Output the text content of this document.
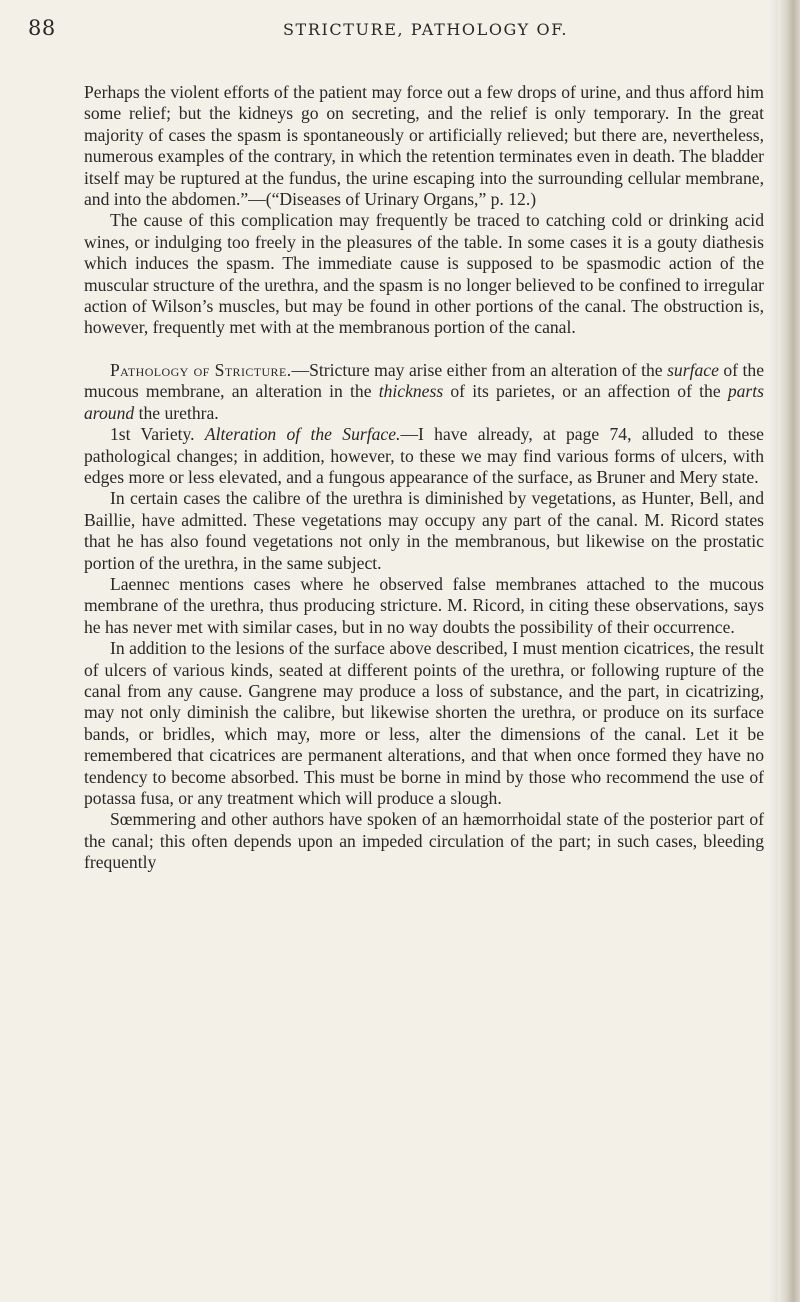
88	STRICTURE, PATHOLOGY OF.

Perhaps the violent efforts of the patient may force out a few drops of urine, and thus afford him some relief; but the kidneys go on secreting, and the relief is only temporary. In the great majority of cases the spasm is spontaneously or artificially relieved; but there are, nevertheless, numerous examples of the contrary, in which the retention terminates even in death. The bladder itself may be ruptured at the fundus, the urine escaping into the surrounding cellular membrane, and into the abdomen.”—(“Diseases of Urinary Organs,” p. 12.)

The cause of this complication may frequently be traced to catching cold or drinking acid wines, or indulging too freely in the pleasures of the table. In some cases it is a gouty diathesis which induces the spasm. The immediate cause is supposed to be spasmodic action of the muscular structure of the urethra, and the spasm is no longer believed to be confined to irregular action of Wilson’s muscles, but may be found in other portions of the canal. The obstruction is, however, frequently met with at the membranous portion of the canal.

Pathology of Stricture.—Stricture may arise either from an alteration of the surface of the mucous membrane, an alteration in the thickness of its parietes, or an affection of the parts around the urethra.

1st Variety. Alteration of the Surface.—I have already, at page 74, alluded to these pathological changes; in addition, however, to these we may find various forms of ulcers, with edges more or less elevated, and a fungous appearance of the surface, as Bruner and Mery state.

In certain cases the calibre of the urethra is diminished by vegetations, as Hunter, Bell, and Baillie, have admitted. These vegetations may occupy any part of the canal. M. Ricord states that he has also found vegetations not only in the membranous, but likewise on the prostatic portion of the urethra, in the same subject.

Laennec mentions cases where he observed false membranes attached to the mucous membrane of the urethra, thus producing stricture. M. Ricord, in citing these observations, says he has never met with similar cases, but in no way doubts the possibility of their occurrence.

In addition to the lesions of the surface above described, I must mention cicatrices, the result of ulcers of various kinds, seated at different points of the urethra, or following rupture of the canal from any cause. Gangrene may produce a loss of substance, and the part, in cicatrizing, may not only diminish the calibre, but likewise shorten the urethra, or produce on its surface bands, or bridles, which may, more or less, alter the dimensions of the canal. Let it be remembered that cicatrices are permanent alterations, and that when once formed they have no tendency to become absorbed. This must be borne in mind by those who recommend the use of potassa fusa, or any treatment which will produce a slough.

Sœmmering and other authors have spoken of an hæmorrhoidal state of the posterior part of the canal; this often depends upon an impeded circulation of the part; in such cases, bleeding frequently
